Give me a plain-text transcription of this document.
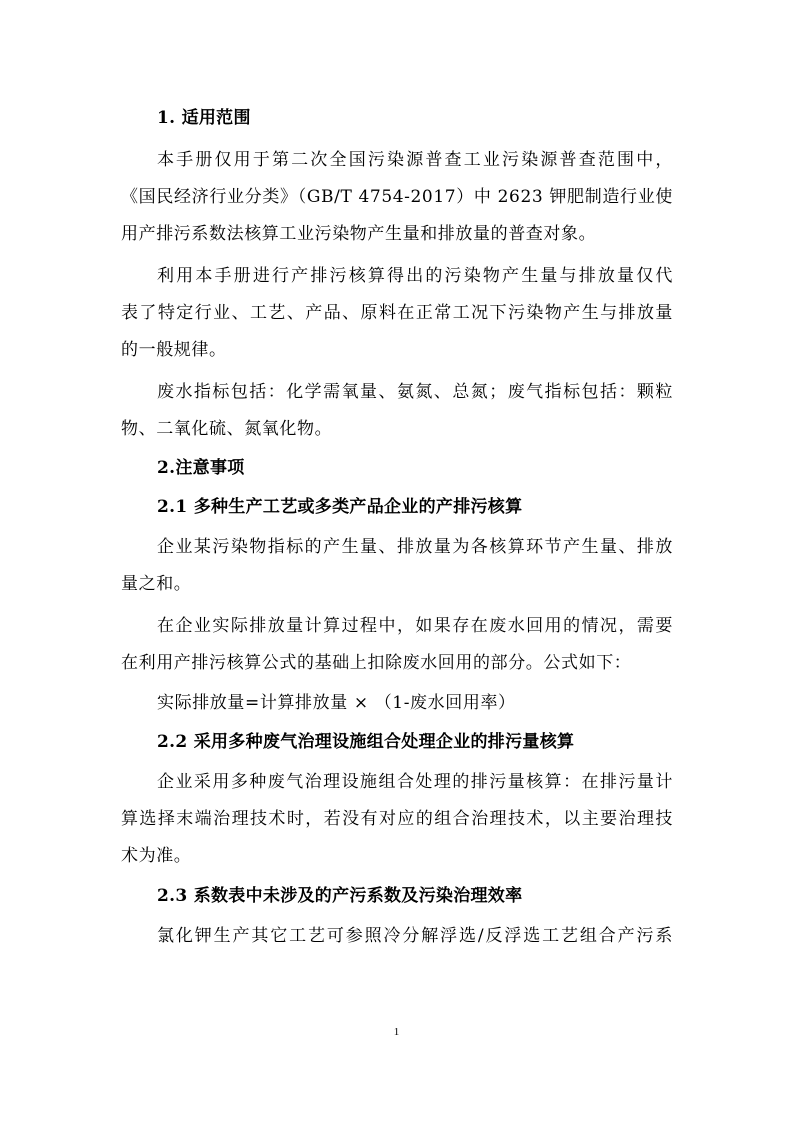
1. 适用范围
本手册仅用于第二次全国污染源普查工业污染源普查范围中，
《国民经济行业分类》（GB/T 4754-2017）中 2623 钾肥制造行业使
用产排污系数法核算工业污染物产生量和排放量的普查对象。
利用本手册进行产排污核算得出的污染物产生量与排放量仅代
表了特定行业、工艺、产品、原料在正常工况下污染物产生与排放量
的一般规律。
废水指标包括：化学需氧量、氨氮、总氮；废气指标包括：颗粒
物、二氧化硫、氮氧化物。
2.注意事项
2.1 多种生产工艺或多类产品企业的产排污核算
企业某污染物指标的产生量、排放量为各核算环节产生量、排放
量之和。
在企业实际排放量计算过程中，如果存在废水回用的情况，需要
在利用产排污核算公式的基础上扣除废水回用的部分。公式如下：
实际排放量=计算排放量 × （1-废水回用率）
2.2 采用多种废气治理设施组合处理企业的排污量核算
企业采用多种废气治理设施组合处理的排污量核算：在排污量计
算选择末端治理技术时，若没有对应的组合治理技术，以主要治理技
术为准。
2.3 系数表中未涉及的产污系数及污染治理效率
氯化钾生产其它工艺可参照冷分解浮选/反浮选工艺组合产污系
1
